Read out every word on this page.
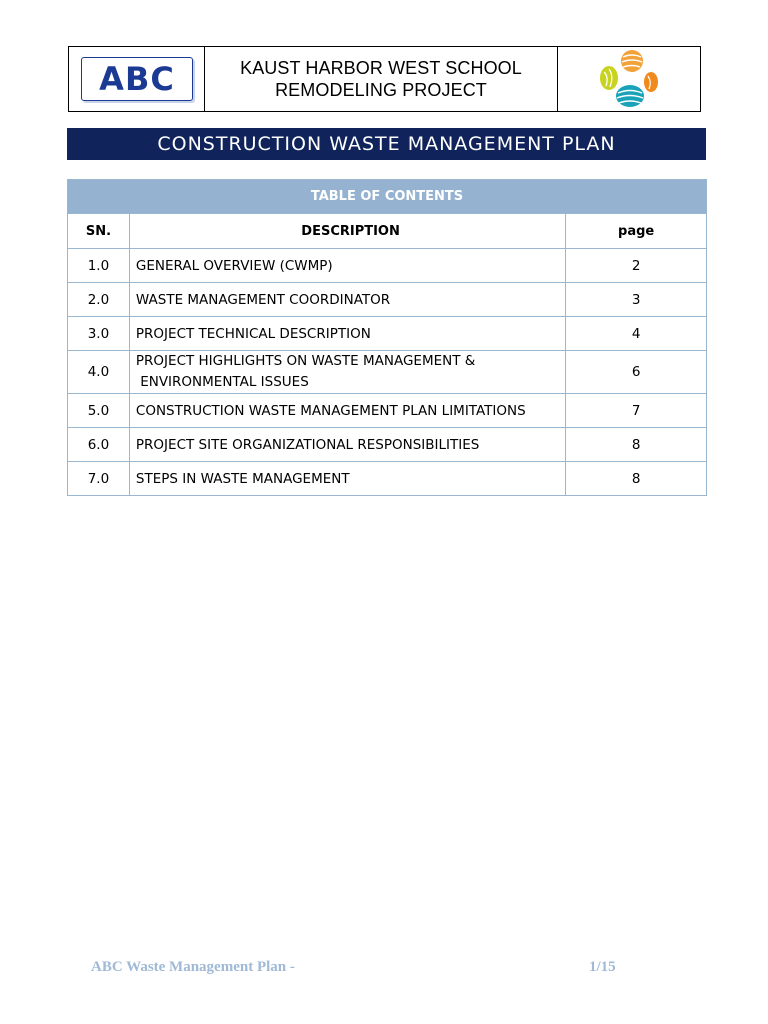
ABC	KAUST HARBOR WEST SCHOOL
REMODELING PROJECT
CONSTRUCTION WASTE MANAGEMENT PLAN
TABLE OF CONTENTS		
SN.	DESCRIPTION	page
1.0	GENERAL OVERVIEW (CWMP)	2
2.0	WASTE MANAGEMENT COORDINATOR	3
3.0	PROJECT TECHNICAL DESCRIPTION	4
4.0	PROJECT HIGHLIGHTS ON WASTE MANAGEMENT &
ENVIRONMENTAL ISSUES	6
5.0	CONSTRUCTION WASTE MANAGEMENT PLAN LIMITATIONS	7
6.0	PROJECT SITE ORGANIZATIONAL RESPONSIBILITIES	8
7.0	STEPS IN WASTE MANAGEMENT	8
ABC Waste Management Plan -	1/15
